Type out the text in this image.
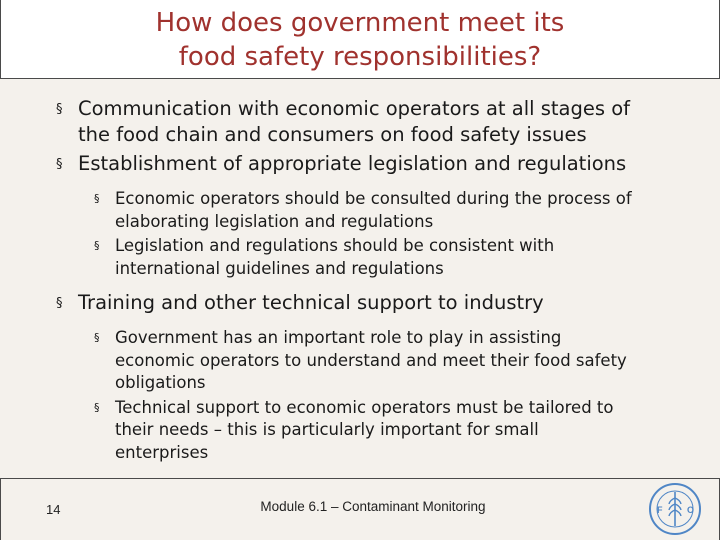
How does government meet its
food safety responsibilities?
§ Communication with economic operators at all stages of
the food chain and consumers on food safety issues
§ Establishment of appropriate legislation and regulations
§ Economic operators should be consulted during the process of
elaborating legislation and regulations
§ Legislation and regulations should be consistent with
international guidelines and regulations
§ Training and other technical support to industry
§ Government has an important role to play in assisting
economic operators to understand and meet their food safety
obligations
§ Technical support to economic operators must be tailored to
their needs – this is particularly important for small
enterprises
14	Module 6.1 – Contaminant Monitoring	F	O
